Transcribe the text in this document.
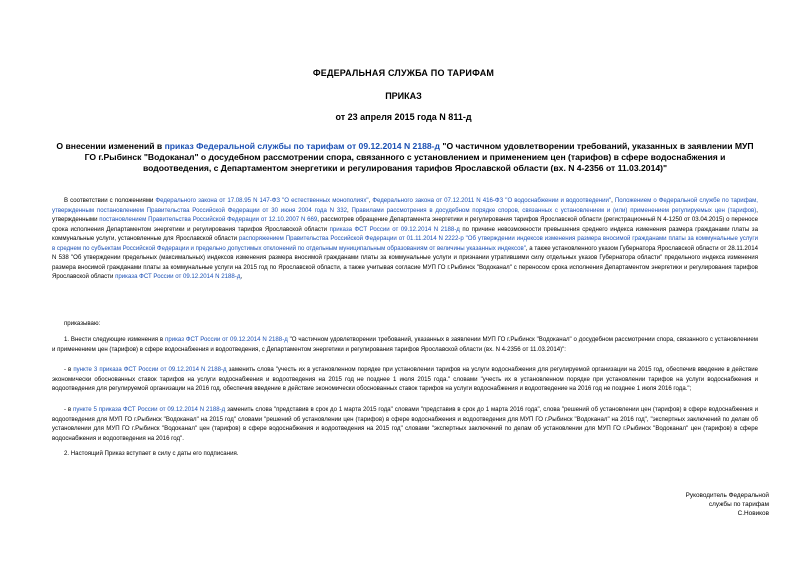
ФЕДЕРАЛЬНАЯ СЛУЖБА ПО ТАРИФАМ
ПРИКАЗ
от 23 апреля 2015 года N 811-д
О внесении изменений в приказ Федеральной службы по тарифам от 09.12.2014 N 2188-д "О частичном удовлетворении требований, указанных в заявлении МУП ГО г.Рыбинск "Водоканал" о досудебном рассмотрении спора, связанного с установлением и применением цен (тарифов) в сфере водоснабжения и водоотведения, с Департаментом энергетики и регулирования тарифов Ярославской области (вх. N 4-2356 от 11.03.2014)"
В соответствии с положениями Федерального закона от 17.08.95 N 147-ФЗ "О естественных монополиях", Федерального закона от 07.12.2011 N 416-ФЗ "О водоснабжении и водоотведении", Положением о Федеральной службе по тарифам, утвержденным постановлением Правительства Российской Федерации от 30 июня 2004 года N 332, Правилами рассмотрения в досудебном порядке споров, связанных с установлением и (или) применением регулируемых цен (тарифов), утвержденными постановлением Правительства Российской Федерации от 12.10.2007 N 669, рассмотрев обращение Департамента энергетики и регулирования тарифов Ярославской области (регистрационный N 4-1250 от 03.04.2015) о переносе срока исполнения Департаментом энергетики и регулирования тарифов Ярославской области приказа ФСТ России от 09.12.2014 N 2188-д по причине невозможности превышения среднего индекса изменения размера гражданами платы за коммунальные услуги, установленные для Ярославской области распоряжением Правительства Российской Федерации от 01.11.2014 N 2222-р "Об утверждении индексов изменения размера вносимой гражданами платы за коммунальные услуги в среднем по субъектам Российской Федерации и предельно допустимых отклонений по отдельным муниципальным образованиям от величины указанных индексов", а также установленного указом Губернатора Ярославской области от 28.11.2014 N 538 "Об утверждении предельных (максимальных) индексов изменения размера вносимой гражданами платы за коммунальные услуги и признании утратившими силу отдельных указов Губернатора области" предельного индекса изменения размера вносимой гражданами платы за коммунальные услуги на 2015 год по Ярославской области, а также учитывая согласие МУП ГО г.Рыбинск "Водоканал" с переносом срока исполнения Департаментом энергетики и регулирования тарифов Ярославской области приказа ФСТ России от 09.12.2014 N 2188-д,
приказываю:
1. Внести следующие изменения в приказ ФСТ России от 09.12.2014 N 2188-д "О частичном удовлетворении требований, указанных в заявлении МУП ГО г.Рыбинск "Водоканал" о досудебном рассмотрении спора, связанного с установлением и применением цен (тарифов) в сфере водоснабжения и водоотведения, с Департаментом энергетики и регулирования тарифов Ярославской области (вх. N 4-2356 от 11.03.2014)":
- в пункте 3 приказа ФСТ России от 09.12.2014 N 2188-д заменить слова "учесть их в установленном порядке при установлении тарифов на услуги водоснабжения для регулируемой организации на 2015 год, обеспечив введение в действие экономически обоснованных ставок тарифов на услуги водоснабжения и водоотведения на 2015 год не позднее 1 июля 2015 года." словами "учесть их в установленном порядке при установлении тарифов на услуги водоснабжения и водоотведения для регулируемой организации на 2016 год, обеспечив введение в действие экономически обоснованных ставок тарифов на услуги водоснабжения и водоотведение на 2016 год не позднее 1 июля 2016 года.";
- в пункте 5 приказа ФСТ России от 09.12.2014 N 2188-д заменить слова "представив в срок до 1 марта 2015 года" словами "представив в срок до 1 марта 2016 года", слова "решений об установлении цен (тарифов) в сфере водоснабжения и водоотведения для МУП ГО г.Рыбинск "Водоканал" на 2015 год" словами "решений об установлении цен (тарифов) в сфере водоснабжения и водоотведения для МУП ГО г.Рыбинск "Водоканал" на 2016 год", "экспертных заключений по делам об установлении для МУП ГО г.Рыбинск "Водоканал" цен (тарифов) в сфере водоснабжения и водоотведения на 2015 год" словами "экспертных заключений по делам об установлении для МУП ГО г.Рыбинск "Водоканал" цен (тарифов) в сфере водоснабжения и водоотведения на 2016 год".
2. Настоящий Приказ вступает в силу с даты его подписания.
Руководитель Федеральной
службы по тарифам
С.Новиков
